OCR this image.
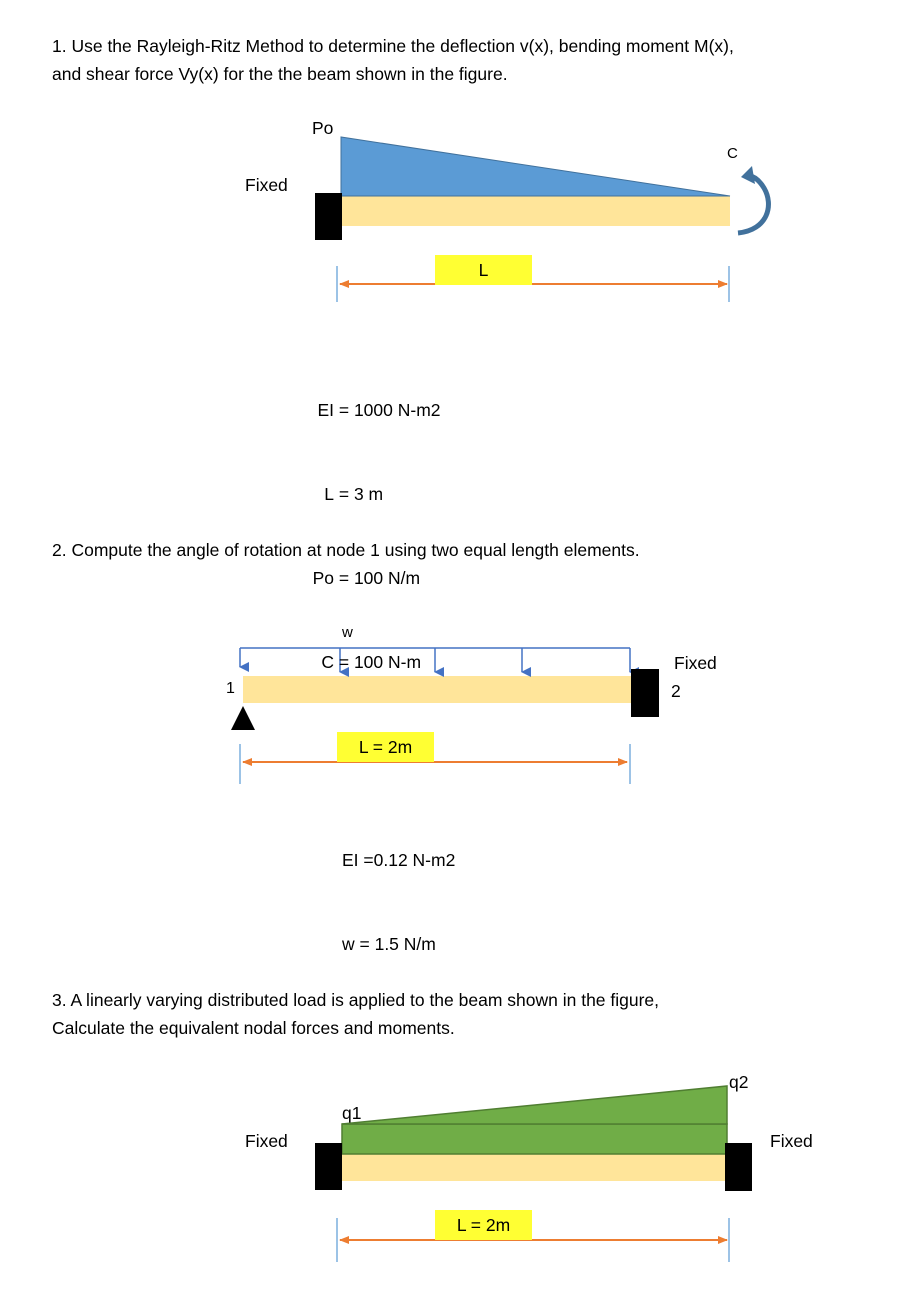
1. Use the Rayleigh-Ritz Method to determine the deflection v(x), bending moment M(x),
and shear force Vy(x) for the the beam shown in the figure.
Po
Fixed
C
L

EI = 1000 N-m2

L = 3 m

Po = 100 N/m

C = 100 N-m

2. Compute the angle of rotation at node 1 using two equal length elements.
w
1
Fixed
2
L = 2m

EI =0.12 N-m2

w = 1.5 N/m

3. A linearly varying distributed load is applied to the beam shown in the figure,
Calculate the equivalent nodal forces and moments.
q1
q2
Fixed	Fixed
L = 2m
